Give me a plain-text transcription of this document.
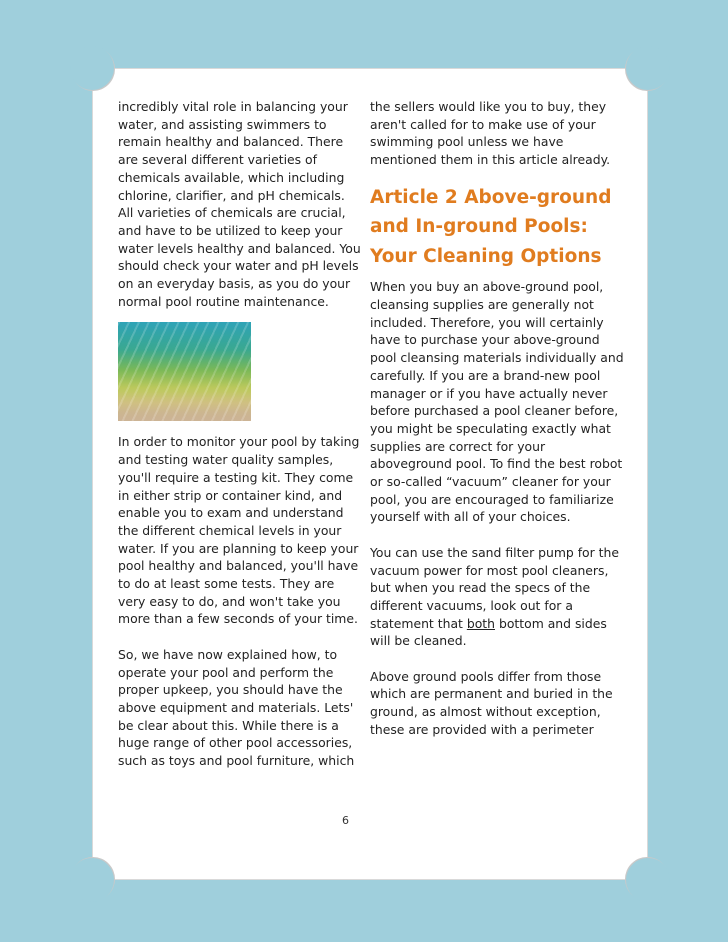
incredibly vital role in balancing your water, and assisting swimmers to remain healthy and balanced. There are several different varieties of chemicals available, which including chlorine, clarifier, and pH chemicals. All varieties of chemicals are crucial, and have to be utilized to keep your water levels healthy and balanced. You should check your water and pH levels on an everyday basis, as you do your normal pool routine maintenance.

In order to monitor your pool by taking and testing water quality samples, you'll require a testing kit. They come in either strip or container kind, and enable you to exam and understand the different chemical levels in your water. If you are planning to keep your pool healthy and balanced, you'll have to do at least some tests. They are very easy to do, and won't take you more than a few seconds of your time.

So, we have now explained how, to operate your pool and perform the proper upkeep, you should have the above equipment and materials. Lets' be clear about this. While there is a huge range of other pool accessories, such as toys and pool furniture, which

the sellers would like you to buy, they aren't called for to make use of your swimming pool unless we have mentioned them in this article already.

Article 2 Above-ground and In-ground Pools: Your Cleaning Options

When you buy an above-ground pool, cleansing supplies are generally not included. Therefore, you will certainly have to purchase your above-ground pool cleansing materials individually and carefully. If you are a brand-new pool manager or if you have actually never before purchased a pool cleaner before, you might be speculating exactly what supplies are correct for your aboveground pool. To find the best robot or so-called “vacuum” cleaner for your pool, you are encouraged to familiarize yourself with all of your choices.

You can use the sand filter pump for the vacuum power for most pool cleaners, but when you read the specs of the different vacuums, look out for a statement that both bottom and sides will be cleaned.

Above ground pools differ from those which are permanent and buried in the ground, as almost without exception, these are provided with a perimeter

6
